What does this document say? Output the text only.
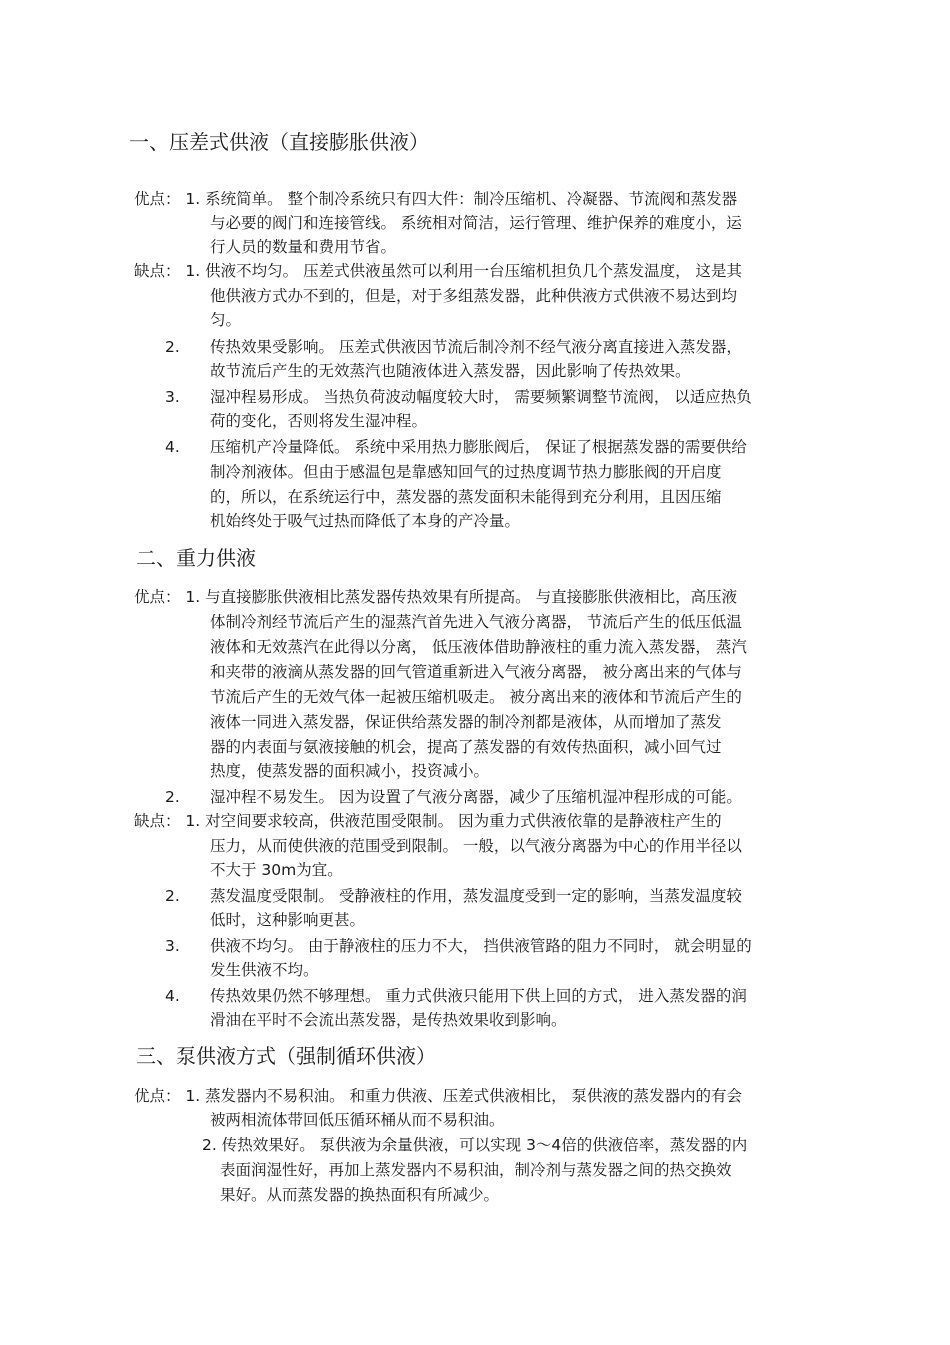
一、压差式供液（直接膨胀供液）
优点： 1. 系统简单。 整个制冷系统只有四大件：制冷压缩机、冷凝器、节流阀和蒸发器
与必要的阀门和连接管线。 系统相对简洁，运行管理、维护保养的难度小，运
行人员的数量和费用节省。
缺点： 1. 供液不均匀。 压差式供液虽然可以利用一台压缩机担负几个蒸发温度， 这是其
他供液方式办不到的，但是，对于多组蒸发器，此种供液方式供液不易达到均
匀。
2. 传热效果受影响。 压差式供液因节流后制冷剂不经气液分离直接进入蒸发器，
故节流后产生的无效蒸汽也随液体进入蒸发器，因此影响了传热效果。
3. 湿冲程易形成。 当热负荷波动幅度较大时， 需要频繁调整节流阀， 以适应热负
荷的变化，否则将发生湿冲程。
4. 压缩机产冷量降低。 系统中采用热力膨胀阀后， 保证了根据蒸发器的需要供给
制冷剂液体。但由于感温包是靠感知回气的过热度调节热力膨胀阀的开启度
的，所以，在系统运行中，蒸发器的蒸发面积未能得到充分利用，且因压缩
机始终处于吸气过热而降低了本身的产冷量。
二、重力供液
优点： 1. 与直接膨胀供液相比蒸发器传热效果有所提高。 与直接膨胀供液相比，高压液
体制冷剂经节流后产生的湿蒸汽首先进入气液分离器， 节流后产生的低压低温
液体和无效蒸汽在此得以分离， 低压液体借助静液柱的重力流入蒸发器， 蒸汽
和夹带的液滴从蒸发器的回气管道重新进入气液分离器， 被分离出来的气体与
节流后产生的无效气体一起被压缩机吸走。 被分离出来的液体和节流后产生的
液体一同进入蒸发器，保证供给蒸发器的制冷剂都是液体，从而增加了蒸发
器的内表面与氨液接触的机会，提高了蒸发器的有效传热面积，减小回气过
热度，使蒸发器的面积减小，投资减小。
2. 湿冲程不易发生。 因为设置了气液分离器，减少了压缩机湿冲程形成的可能。
缺点： 1. 对空间要求较高，供液范围受限制。 因为重力式供液依靠的是静液柱产生的
压力，从而使供液的范围受到限制。 一般，以气液分离器为中心的作用半径以
不大于 30m为宜。
2. 蒸发温度受限制。 受静液柱的作用，蒸发温度受到一定的影响，当蒸发温度较
低时，这种影响更甚。
3. 供液不均匀。 由于静液柱的压力不大， 挡供液管路的阻力不同时， 就会明显的
发生供液不均。
4. 传热效果仍然不够理想。 重力式供液只能用下供上回的方式， 进入蒸发器的润
滑油在平时不会流出蒸发器，是传热效果收到影响。
三、泵供液方式（强制循环供液）
优点： 1. 蒸发器内不易积油。 和重力供液、压差式供液相比， 泵供液的蒸发器内的有会
被两相流体带回低压循环桶从而不易积油。
2. 传热效果好。 泵供液为余量供液，可以实现 3～4倍的供液倍率，蒸发器的内
表面润湿性好，再加上蒸发器内不易积油，制冷剂与蒸发器之间的热交换效
果好。从而蒸发器的换热面积有所减少。
